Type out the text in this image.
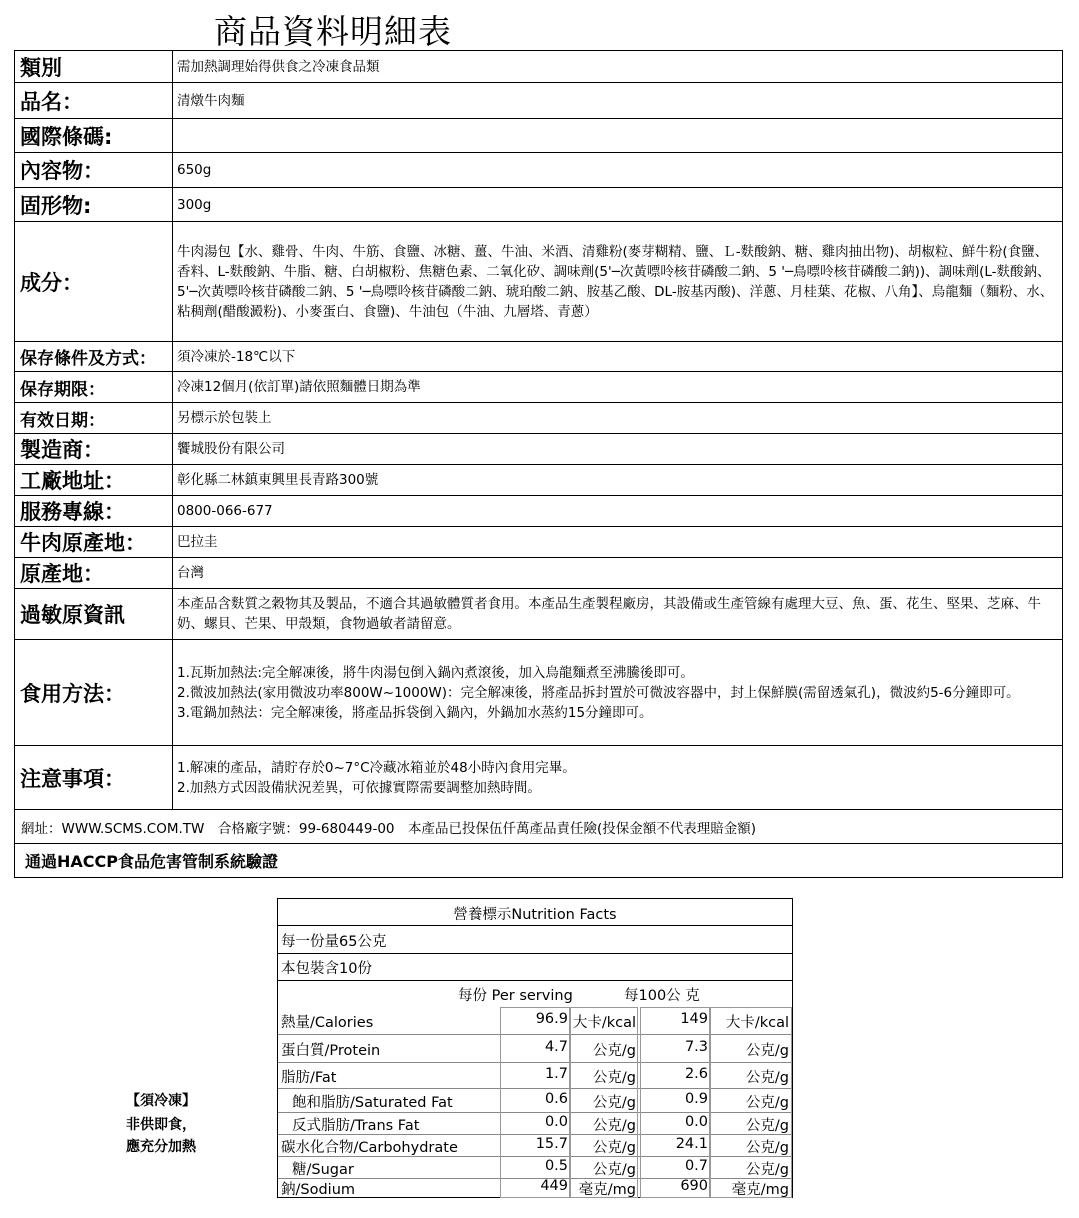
商品資料明細表
類別	需加熱調理始得供食之冷凍食品類
品名：	清燉牛肉麵
國際條碼:	
內容物：	650g
固形物:	300g
成分：	牛肉湯包【水、雞骨、牛肉、牛筋、食鹽、冰糖、薑、牛油、米酒、清雞粉(麥芽糊精、鹽、Ｌ-麩酸鈉、糖、雞肉抽出物)、胡椒粒、鮮牛粉(食鹽、香料、L-麩酸鈉、牛脂、糖、白胡椒粉、焦糖色素、二氧化矽、調味劑(5'─次黃嘌呤核苷磷酸二鈉、5 '─鳥嘌呤核苷磷酸二鈉))、調味劑(L-麩酸鈉、5'─次黃嘌呤核苷磷酸二鈉、5 '─鳥嘌呤核苷磷酸二鈉、琥珀酸二鈉、胺基乙酸、DL-胺基丙酸)、洋蔥、月桂葉、花椒、八角】、烏龍麵（麵粉、水、粘稠劑(醋酸澱粉)、小麥蛋白、食鹽)、牛油包（牛油、九層塔、青蔥）
保存條件及方式：	須冷凍於-18℃以下
保存期限：	冷凍12個月(依訂單)請依照麵體日期為準
有效日期：	另標示於包裝上
製造商：	饗城股份有限公司
工廠地址：	彰化縣二林鎮東興里長青路300號
服務專線：	0800-066-677
牛肉原產地：	巴拉圭
原產地：	台灣
過敏原資訊	本產品含麩質之穀物其及製品，不適合其過敏體質者食用。本產品生產製程廠房，其設備或生產管線有處理大豆、魚、蛋、花生、堅果、芝麻、牛奶、螺貝、芒果、甲殼類，食物過敏者請留意。
食用方法：	1.瓦斯加熱法:完全解凍後，將牛肉湯包倒入鍋內煮滾後，加入烏龍麵煮至沸騰後即可。
2.微波加熱法(家用微波功率800W~1000W)：完全解凍後，將產品拆封置於可微波容器中，封上保鮮膜(需留透氣孔)，微波約5-6分鐘即可。
3.電鍋加熱法：完全解凍後，將產品拆袋倒入鍋內，外鍋加水蒸約15分鐘即可。

注意事項：	1.解凍的產品，請貯存於0~7°C冷藏冰箱並於48小時內食用完畢。
2.加熱方式因設備狀況差異，可依據實際需要調整加熱時間。

網址：WWW.SCMS.COM.TW　合格廠字號：99-680449-00　本產品已投保伍仟萬產品責任險(投保金額不代表理賠金額)	
通過HACCP食品危害管制系統驗證	
營養標示Nutrition Facts
每一份量65公克
本包裝含10份
每份 Per serving	每100公 克
熱量/Calories	96.9 大卡/kcal	149	大卡/kcal
蛋白質/Protein	4.7	公克/g	7.3	公克/g
脂肪/Fat	1.7	公克/g	2.6	公克/g
飽和脂肪/Saturated Fat	0.6	公克/g	0.9	公克/g
反式脂肪/Trans Fat	0.0	公克/g	0.0	公克/g
碳水化合物/Carbohydrate	15.7	公克/g	24.1	公克/g
糖/Sugar	0.5	公克/g	0.7	公克/g
鈉/Sodium	449 毫克/mg	690	毫克/mg
【須冷凍】
非供即食，
應充分加熱
